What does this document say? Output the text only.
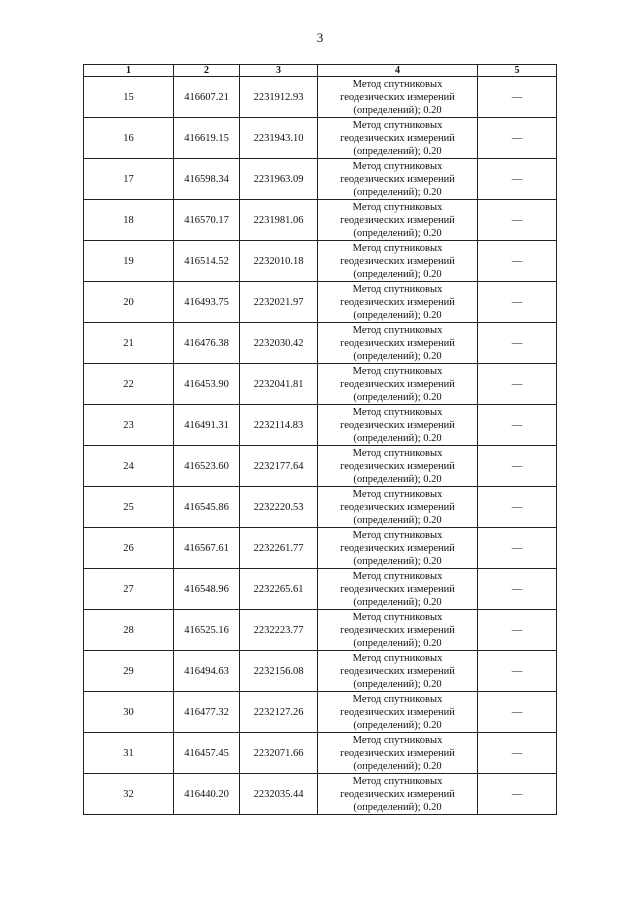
3
1	2	3	4	5
15	416607.21	2231912.93	Метод спутниковых
геодезических измерений
(определений); 0.20	—
16	416619.15	2231943.10	Метод спутниковых
геодезических измерений
(определений); 0.20	—
17	416598.34	2231963.09	Метод спутниковых
геодезических измерений
(определений); 0.20	—
18	416570.17	2231981.06	Метод спутниковых
геодезических измерений
(определений); 0.20	—
19	416514.52	2232010.18	Метод спутниковых
геодезических измерений
(определений); 0.20	—
20	416493.75	2232021.97	Метод спутниковых
геодезических измерений
(определений); 0.20	—
21	416476.38	2232030.42	Метод спутниковых
геодезических измерений
(определений); 0.20	—
22	416453.90	2232041.81	Метод спутниковых
геодезических измерений
(определений); 0.20	—
23	416491.31	2232114.83	Метод спутниковых
геодезических измерений
(определений); 0.20	—
24	416523.60	2232177.64	Метод спутниковых
геодезических измерений
(определений); 0.20	—
25	416545.86	2232220.53	Метод спутниковых
геодезических измерений
(определений); 0.20	—
26	416567.61	2232261.77	Метод спутниковых
геодезических измерений
(определений); 0.20	—
27	416548.96	2232265.61	Метод спутниковых
геодезических измерений
(определений); 0.20	—
28	416525.16	2232223.77	Метод спутниковых
геодезических измерений
(определений); 0.20	—
29	416494.63	2232156.08	Метод спутниковых
геодезических измерений
(определений); 0.20	—
30	416477.32	2232127.26	Метод спутниковых
геодезических измерений
(определений); 0.20	—
31	416457.45	2232071.66	Метод спутниковых
геодезических измерений
(определений); 0.20	—
32	416440.20	2232035.44	Метод спутниковых
геодезических измерений
(определений); 0.20	—
